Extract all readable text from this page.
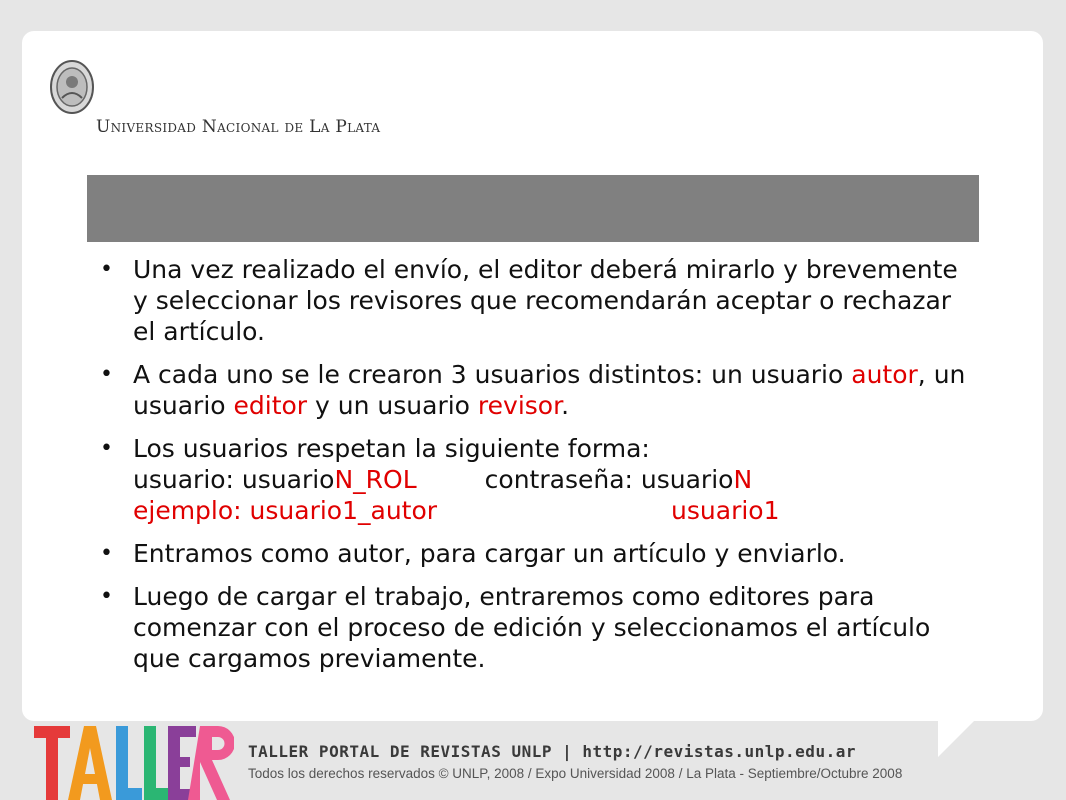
Universidad Nacional de La Plata
• Una vez realizado el envío, el editor deberá mirarlo y brevemente y seleccionar los revisores que recomendarán aceptar o rechazar el artículo.
• A cada uno se le crearon 3 usuarios distintos: un usuario autor, un usuario editor y un usuario revisor.
• Los usuarios respetan la siguiente forma:
usuario: usuarioN_ROL	contraseña: usuarioN
ejemplo: usuario1_autor	usuario1
• Entramos como autor, para cargar un artículo y enviarlo.
• Luego de cargar el trabajo, entraremos como editores para comenzar con el proceso de edición y seleccionamos el artículo que cargamos previamente.
TALLER PORTAL DE REVISTAS UNLP | http://revistas.unlp.edu.ar
Todos los derechos reservados © UNLP, 2008 / Expo Universidad 2008 / La Plata - Septiembre/Octubre 2008
